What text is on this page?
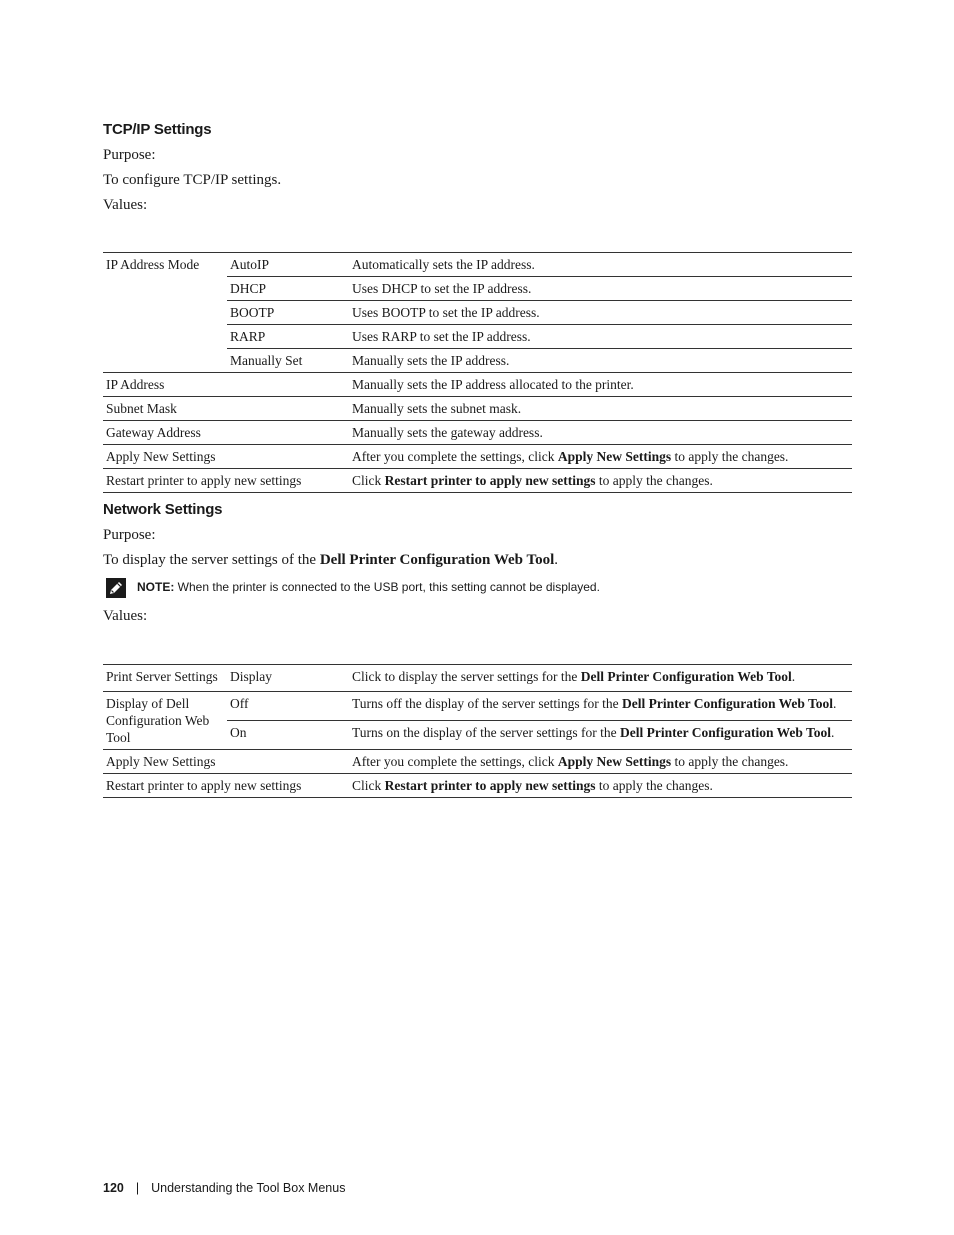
TCP/IP Settings

Purpose:

To configure TCP/IP settings.

Values:

IP Address Mode	AutoIP	Automatically sets the IP address.
	DHCP	Uses DHCP to set the IP address.
	BOOTP	Uses BOOTP to set the IP address.
	RARP	Uses RARP to set the IP address.
	Manually Set	Manually sets the IP address.
IP Address		Manually sets the IP address allocated to the printer.
Subnet Mask		Manually sets the subnet mask.
Gateway Address		Manually sets the gateway address.
Apply New Settings		After you complete the settings, click Apply New Settings to apply the changes.
Restart printer to apply new settings		Click Restart printer to apply new settings to apply the changes.
Network Settings

Purpose:

To display the server settings of the Dell Printer Configuration Web Tool.

NOTE: When the printer is connected to the USB port, this setting cannot be displayed.

Values:

Print Server Settings	Display	Click to display the server settings for the Dell Printer Configuration Web Tool.
Display of Dell Configuration Web Tool	Off	Turns off the display of the server settings for the Dell Printer Configuration Web Tool.
	On	Turns on the display of the server settings for the Dell Printer Configuration Web Tool.
Apply New Settings		After you complete the settings, click Apply New Settings to apply the changes.
Restart printer to apply new settings		Click Restart printer to apply new settings to apply the changes.
120 | Understanding the Tool Box Menus
